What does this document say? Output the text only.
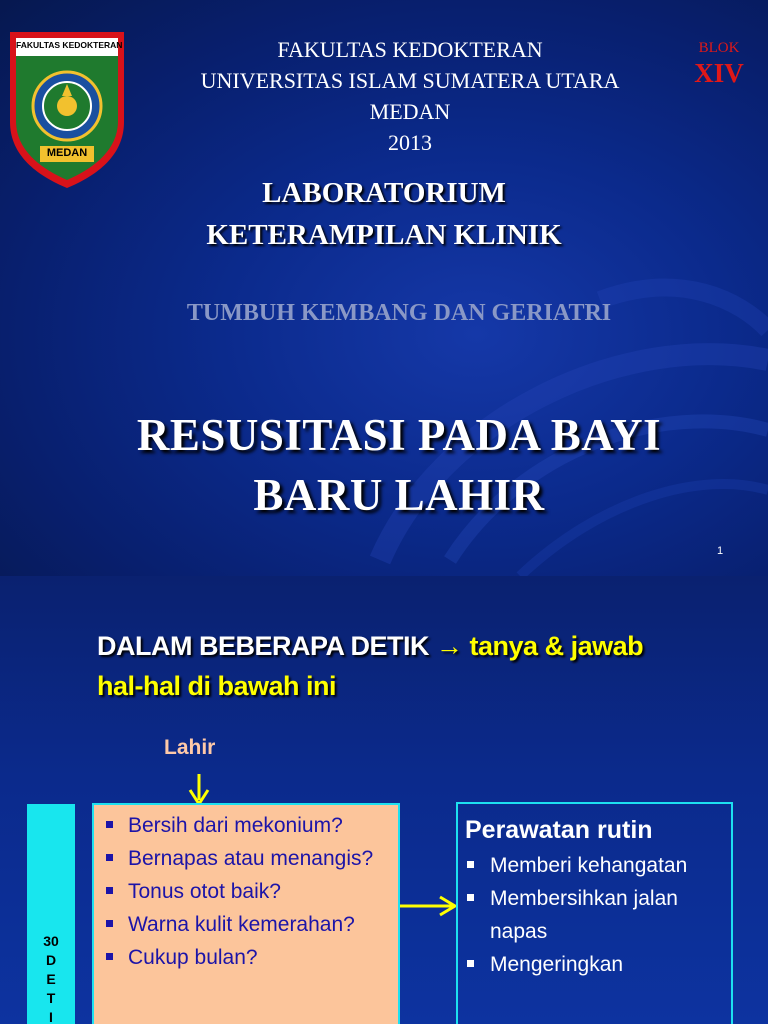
FAKULTAS KEDOKTERAN
MEDAN
FAKULTAS KEDOKTERAN
UNIVERSITAS ISLAM SUMATERA UTARA
MEDAN
2013
BLOK
XIV
LABORATORIUM
KETERAMPILAN KLINIK
TUMBUH KEMBANG DAN GERIATRI
RESUSITASI PADA BAYI
BARU LAHIR
1
DALAM BEBERAPA DETIK → tanya & jawab
hal-hal di bawah ini
Lahir
30
D
E
T
I
Bersih dari mekonium?
Bernapas atau menangis?
Tonus otot baik?
Warna kulit kemerahan?
Cukup bulan?
Perawatan rutin
Memberi kehangatan
Membersihkan jalan napas
Mengeringkan
